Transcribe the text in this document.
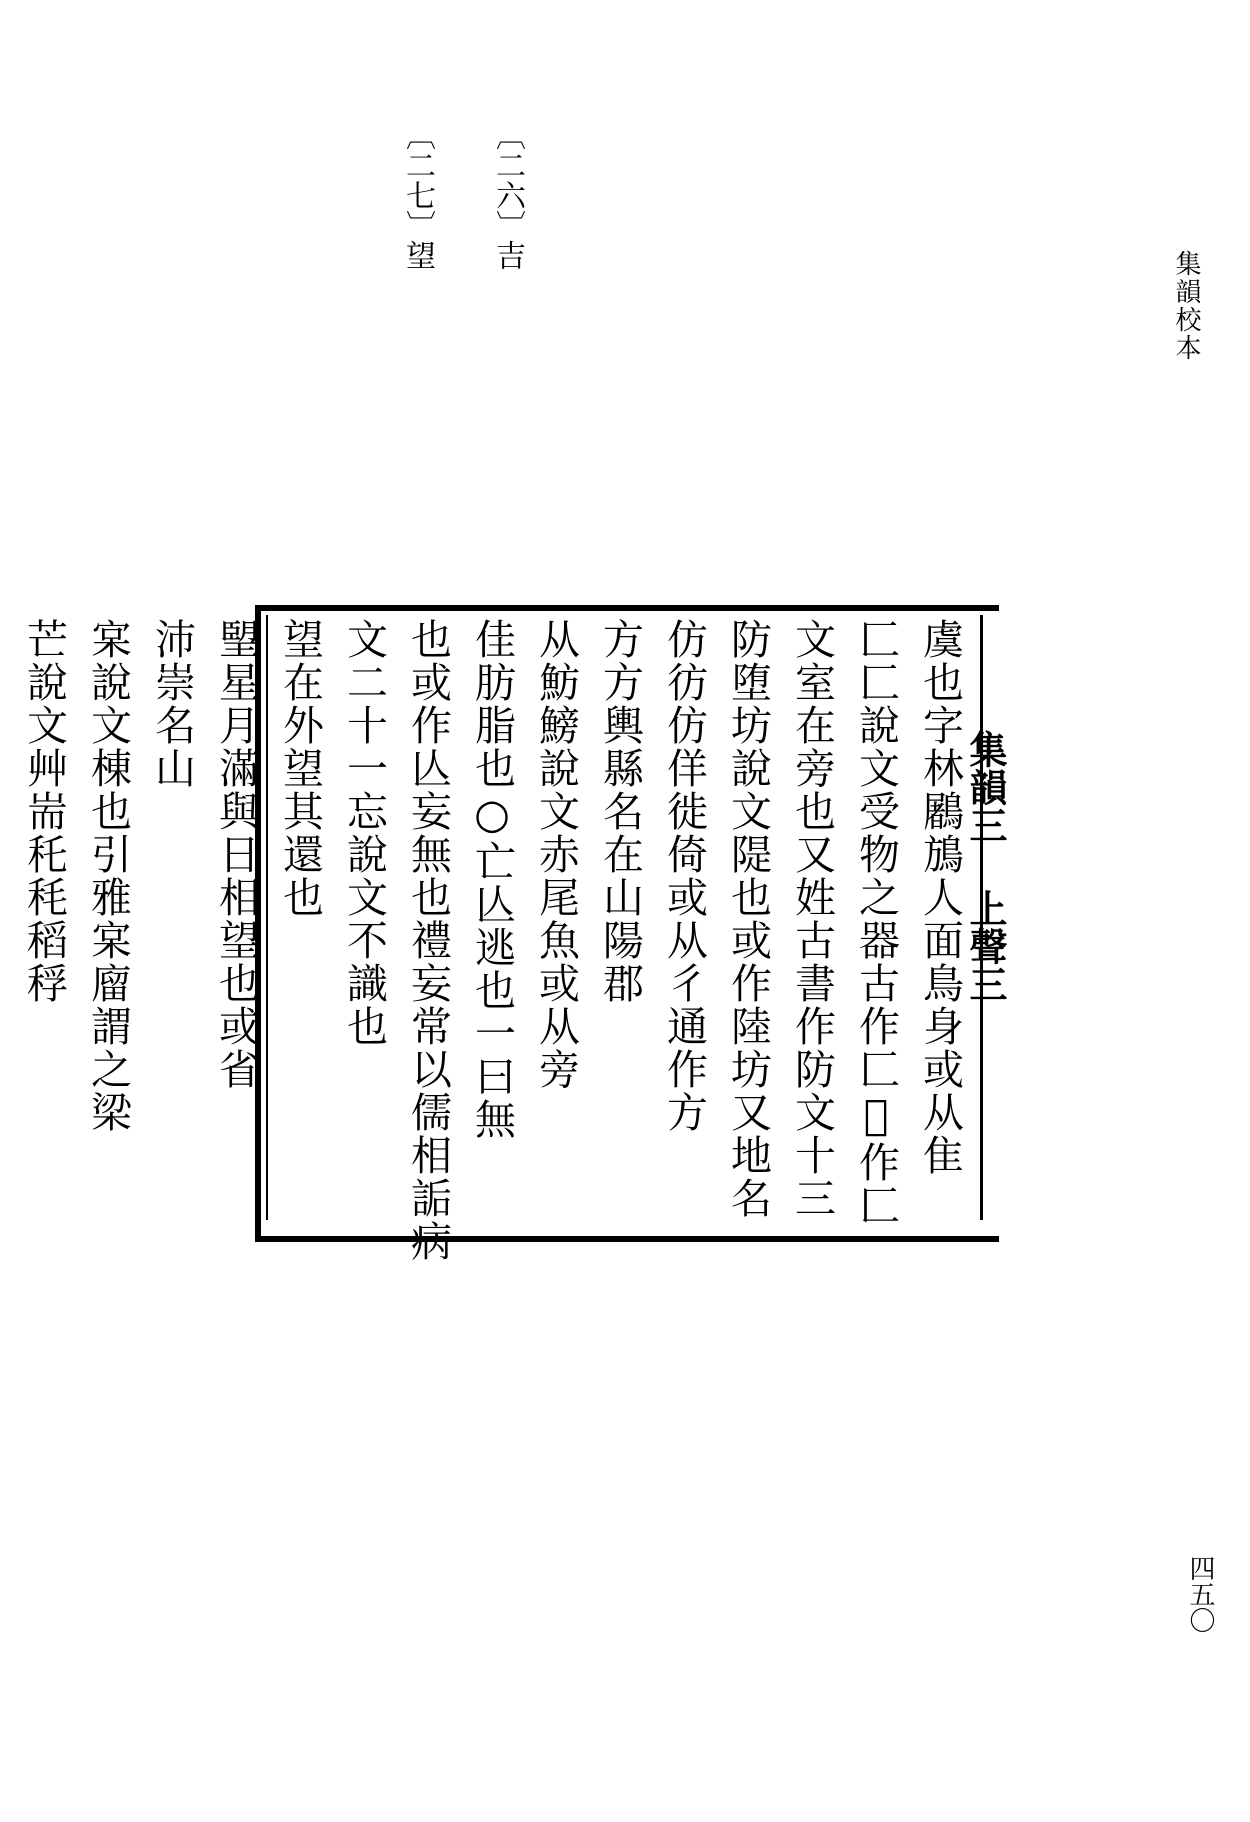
集韻校本
四五〇
〔二六〕吉
〔二七〕望
集韻三 上聲三
虞也字林鷵鴋人面鳥身或从隹
匚匚說文受物之器古作匚𠤮作匚
文室在旁也又姓古書作防文十三
防堕坊說文隄也或作陸坊又地名
仿彷仿佯徙倚或从彳通作方
方方輿縣名在山陽郡
从魴鰟說文赤尾魚或从旁
佳肪脂也○亡亾逃也一曰無
也或作亾妄無也禮妄常以儒相詬病
文二十一忘說文不識也
望在外望其還也
朢星月滿與日相望也或省
沛崇名山
宲說文棟也引雅宲廇謂之梁
芒說文艸耑秅秏稻稃
